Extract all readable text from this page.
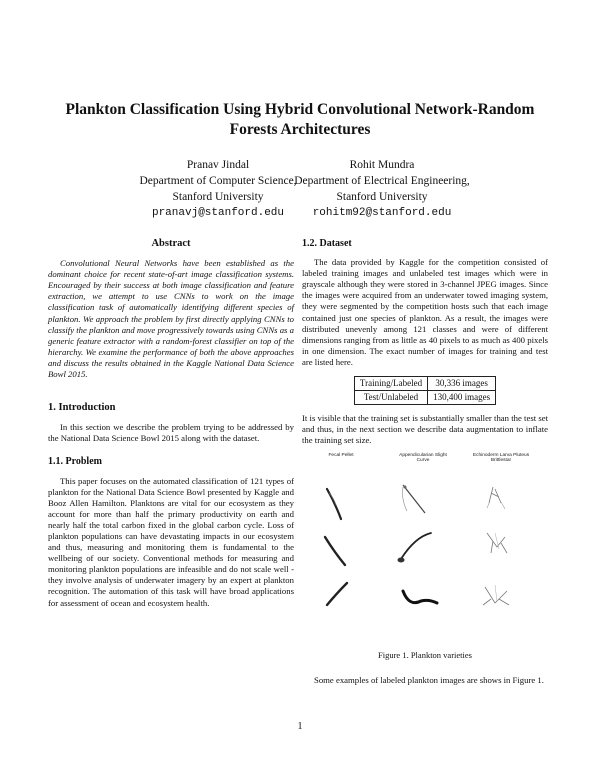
Plankton Classification Using Hybrid Convolutional Network-Random Forests Architectures
Pranav Jindal
Department of Computer Science,
Stanford University
pranavj@stanford.edu
Rohit Mundra
Department of Electrical Engineering,
Stanford University
rohitm92@stanford.edu
Abstract

Convolutional Neural Networks have been established as the dominant choice for recent state-of-art image classification systems. Encouraged by their success at both image classification and feature extraction, we attempt to use CNNs to work on the image classification task of automatically identifying different species of plankton. We approach the problem by first directly applying CNNs to classify the plankton and move progressively towards using CNNs as a generic feature extractor with a random-forest classifier on top of the hierarchy. We examine the performance of both the above approaches and discuss the results obtained in the Kaggle National Data Science Bowl 2015.

1. Introduction

In this section we describe the problem trying to be addressed by the National Data Science Bowl 2015 along with the dataset.

1.1. Problem

This paper focuses on the automated classification of 121 types of plankton for the National Data Science Bowl presented by Kaggle and Booz Allen Hamilton. Planktons are vital for our ecosystem as they account for more than half the primary productivity on earth and nearly half the total carbon fixed in the global carbon cycle. Loss of plankton populations can have devastating impacts in our ecosystem and thus, measuring and monitoring them is fundamental to the wellbeing of our society. Conventional methods for measuring and monitoring plankton populations are infeasible and do not scale well - they involve analysis of underwater imagery by an expert at plankton recognition. The automation of this task will have broad applications for assessment of ocean and ecosystem health.

1.2. Dataset

The data provided by Kaggle for the competition consisted of labeled training images and unlabeled test images which were in grayscale although they were stored in 3-channel JPEG images. Since the images were acquired from an underwater towed imaging system, they were segmented by the competition hosts such that each image contained just one species of plankton. As a result, the images were distributed unevenly among 121 classes and were of different dimensions ranging from as little as 40 pixels to as much as 400 pixels in one dimension. The exact number of images for training and test are listed here.

Training/Labeled	30,336 images
Test/Unlabeled	130,400 images

It is visible that the training set is substantially smaller than the test set and thus, in the next section we describe data augmentation to inflate the training set size.

Fecal Pellet	Appendicularian Slight Curve
Echinoderm Larva Pluteus Brittlestar
Figure 1. Plankton varieties

Some examples of labeled plankton images are shows in Figure 1.

1
